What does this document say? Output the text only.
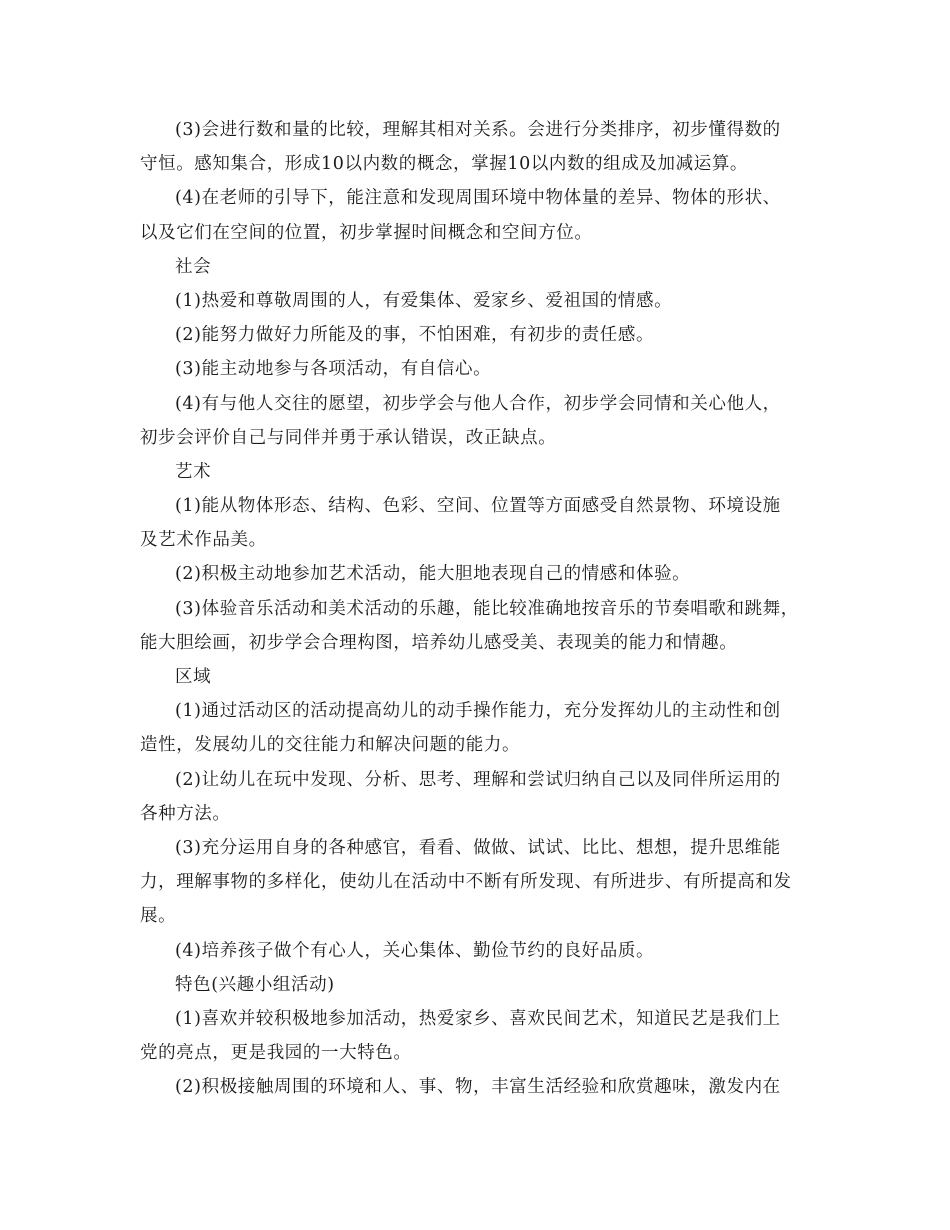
(3)会进行数和量的比较，理解其相对关系。会进行分类排序，初步懂得数的
守恒。感知集合，形成10以内数的概念，掌握10以内数的组成及加减运算。
(4)在老师的引导下，能注意和发现周围环境中物体量的差异、物体的形状、
以及它们在空间的位置，初步掌握时间概念和空间方位。
社会
(1)热爱和尊敬周围的人，有爱集体、爱家乡、爱祖国的情感。
(2)能努力做好力所能及的事，不怕困难，有初步的责任感。
(3)能主动地参与各项活动，有自信心。
(4)有与他人交往的愿望，初步学会与他人合作，初步学会同情和关心他人，
初步会评价自己与同伴并勇于承认错误，改正缺点。
艺术
(1)能从物体形态、结构、色彩、空间、位置等方面感受自然景物、环境设施
及艺术作品美。
(2)积极主动地参加艺术活动，能大胆地表现自己的情感和体验。
(3)体验音乐活动和美术活动的乐趣，能比较准确地按音乐的节奏唱歌和跳舞，
能大胆绘画，初步学会合理构图，培养幼儿感受美、表现美的能力和情趣。
区域
(1)通过活动区的活动提高幼儿的动手操作能力，充分发挥幼儿的主动性和创
造性，发展幼儿的交往能力和解决问题的能力。
(2)让幼儿在玩中发现、分析、思考、理解和尝试归纳自己以及同伴所运用的
各种方法。
(3)充分运用自身的各种感官，看看、做做、试试、比比、想想，提升思维能
力，理解事物的多样化，使幼儿在活动中不断有所发现、有所进步、有所提高和发
展。
(4)培养孩子做个有心人，关心集体、勤俭节约的良好品质。
特色(兴趣小组活动)
(1)喜欢并较积极地参加活动，热爱家乡、喜欢民间艺术，知道民艺是我们上
党的亮点，更是我园的一大特色。
(2)积极接触周围的环境和人、事、物，丰富生活经验和欣赏趣味，激发内在
